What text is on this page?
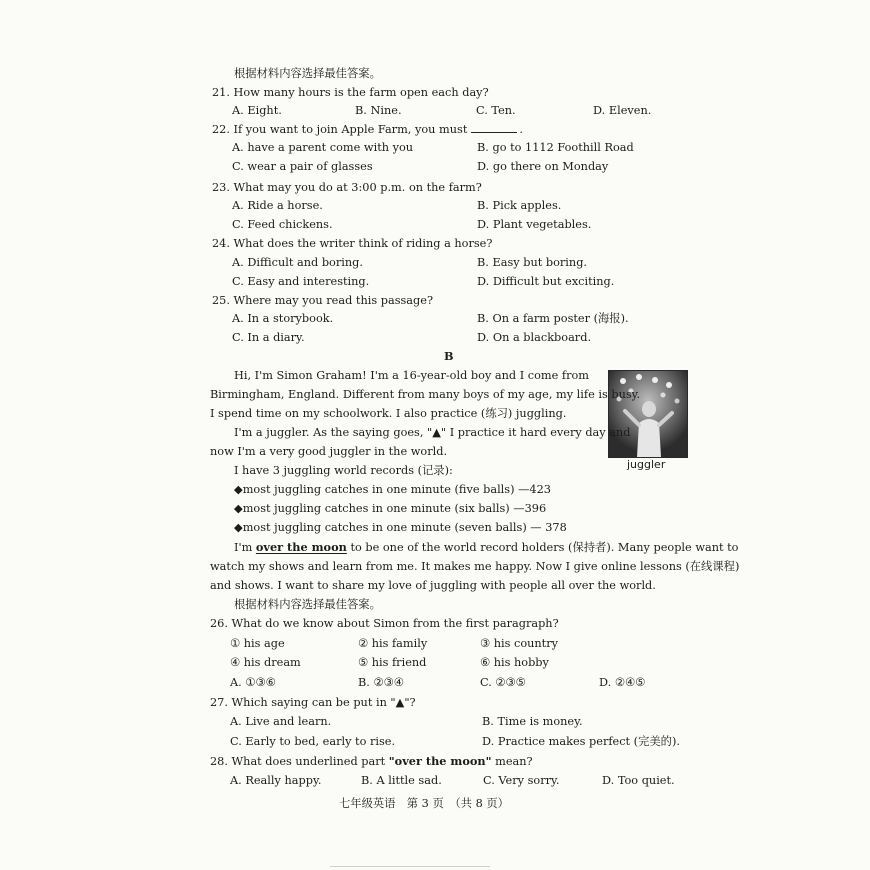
根据材料内容选择最佳答案。
21. How many hours is the farm open each day?
A. Eight.	B. Nine.	C. Ten.	D. Eleven.
22. If you want to join Apple Farm, you must	.
A. have a parent come with you	B. go to 1112 Foothill Road
C. wear a pair of glasses	D. go there on Monday
23. What may you do at 3:00 p.m. on the farm?
A. Ride a horse.	B. Pick apples.
C. Feed chickens.	D. Plant vegetables.
24. What does the writer think of riding a horse?
A. Difficult and boring.	B. Easy but boring.
C. Easy and interesting.	D. Difficult but exciting.
25. Where may you read this passage?
A. In a storybook.	B. On a farm poster (海报).
C. In a diary.	D. On a blackboard.
B
juggler
Hi, I'm Simon Graham! I'm a 16-year-old boy and I come from
Birmingham, England. Different from many boys of my age, my life is busy.
I spend time on my schoolwork. I also practice (练习) juggling.
I'm a juggler. As the saying goes, "▲" I practice it hard every day and
now I'm a very good juggler in the world.
I have 3 juggling world records (记录):
◆most juggling catches in one minute (five balls) —423
◆most juggling catches in one minute (six balls) —396
◆most juggling catches in one minute (seven balls) — 378
I'm over the moon to be one of the world record holders (保持者). Many people want to
watch my shows and learn from me. It makes me happy. Now I give online lessons (在线课程)
and shows. I want to share my love of juggling with people all over the world.
根据材料内容选择最佳答案。
26. What do we know about Simon from the first paragraph?
① his age	② his family	③ his country
④ his dream	⑤ his friend	⑥ his hobby
A. ①③⑥	B. ②③④	C. ②③⑤	D. ②④⑤
27. Which saying can be put in "▲"?
A. Live and learn.	B. Time is money.
C. Early to bed, early to rise.	D. Practice makes perfect (完美的).
28. What does underlined part "over the moon" mean?
A. Really happy.	B. A little sad.	C. Very sorry.	D. Too quiet.
七年级英语　第 3 页　（共 8 页）
